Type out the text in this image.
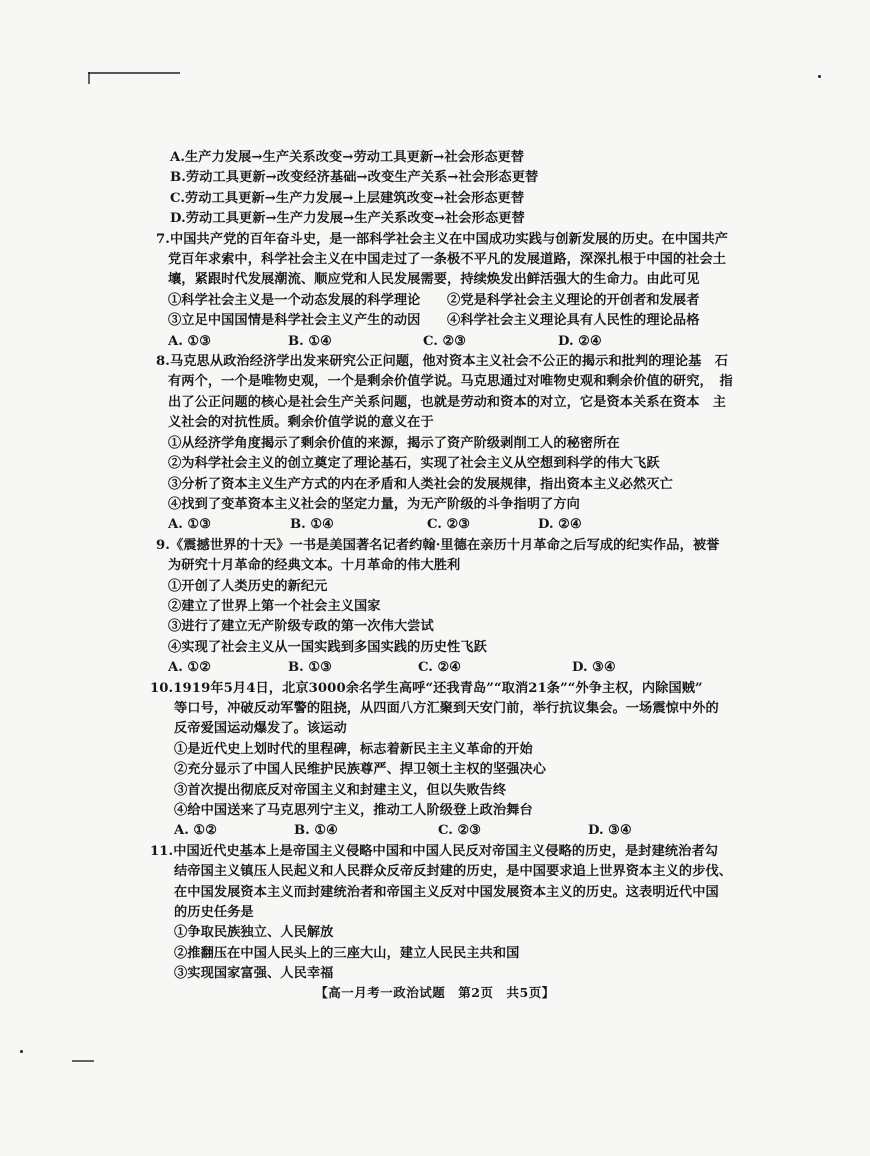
A.生产力发展→生产关系改变→劳动工具更新→社会形态更替
B.劳动工具更新→改变经济基础→改变生产关系→社会形态更替
C.劳动工具更新→生产力发展→上层建筑改变→社会形态更替
D.劳动工具更新→生产力发展→生产关系改变→社会形态更替
7.中国共产党的百年奋斗史，是一部科学社会主义在中国成功实践与创新发展的历史。在中国共产
党百年求索中，科学社会主义在中国走过了一条极不平凡的发展道路，深深扎根于中国的社会土
壤，紧跟时代发展潮流、顺应党和人民发展需要，持续焕发出鲜活强大的生命力。由此可见
①科学社会主义是一个动态发展的科学理论　　②党是科学社会主义理论的开创者和发展者
③立足中国国情是科学社会主义产生的动因　　④科学社会主义理论具有人民性的理论品格
A. ①③	B. ①④	C. ②③	D. ②④
8.马克思从政治经济学出发来研究公正问题，他对资本主义社会不公正的揭示和批判的理论基　石
有两个，一个是唯物史观，一个是剩余价值学说。马克思通过对唯物史观和剩余价值的研究，　指
出了公正问题的核心是社会生产关系问题，也就是劳动和资本的对立，它是资本关系在资本　主
义社会的对抗性质。剩余价值学说的意义在于
①从经济学角度揭示了剩余价值的来源，揭示了资产阶级剥削工人的秘密所在
②为科学社会主义的创立奠定了理论基石，实现了社会主义从空想到科学的伟大飞跃
③分析了资本主义生产方式的内在矛盾和人类社会的发展规律，指出资本主义必然灭亡
④找到了变革资本主义社会的坚定力量，为无产阶级的斗争指明了方向
A. ①③	B. ①④	C. ②③	D. ②④
9.《震撼世界的十天》一书是美国著名记者约翰·里德在亲历十月革命之后写成的纪实作品，被誉
为研究十月革命的经典文本。十月革命的伟大胜利
①开创了人类历史的新纪元
②建立了世界上第一个社会主义国家
③进行了建立无产阶级专政的第一次伟大尝试
④实现了社会主义从一国实践到多国实践的历史性飞跃
A. ①②	B. ①③	C. ②④	D. ③④
10.1919年5月4日，北京3000余名学生高呼“还我青岛”“取消21条”“外争主权，内除国贼”
等口号，冲破反动军警的阻挠，从四面八方汇聚到天安门前，举行抗议集会。一场震惊中外的
反帝爱国运动爆发了。该运动
①是近代史上划时代的里程碑，标志着新民主主义革命的开始
②充分显示了中国人民维护民族尊严、捍卫领土主权的坚强决心
③首次提出彻底反对帝国主义和封建主义，但以失败告终
④给中国送来了马克思列宁主义，推动工人阶级登上政治舞台
A. ①②	B. ①④	C. ②③	D. ③④
11.中国近代史基本上是帝国主义侵略中国和中国人民反对帝国主义侵略的历史，是封建统治者勾
结帝国主义镇压人民起义和人民群众反帝反封建的历史，是中国要求追上世界资本主义的步伐、
在中国发展资本主义而封建统治者和帝国主义反对中国发展资本主义的历史。这表明近代中国
的历史任务是
①争取民族独立、人民解放
②推翻压在中国人民头上的三座大山，建立人民民主共和国
③实现国家富强、人民幸福
【高一月考一政治试题　第2页　共5页】
